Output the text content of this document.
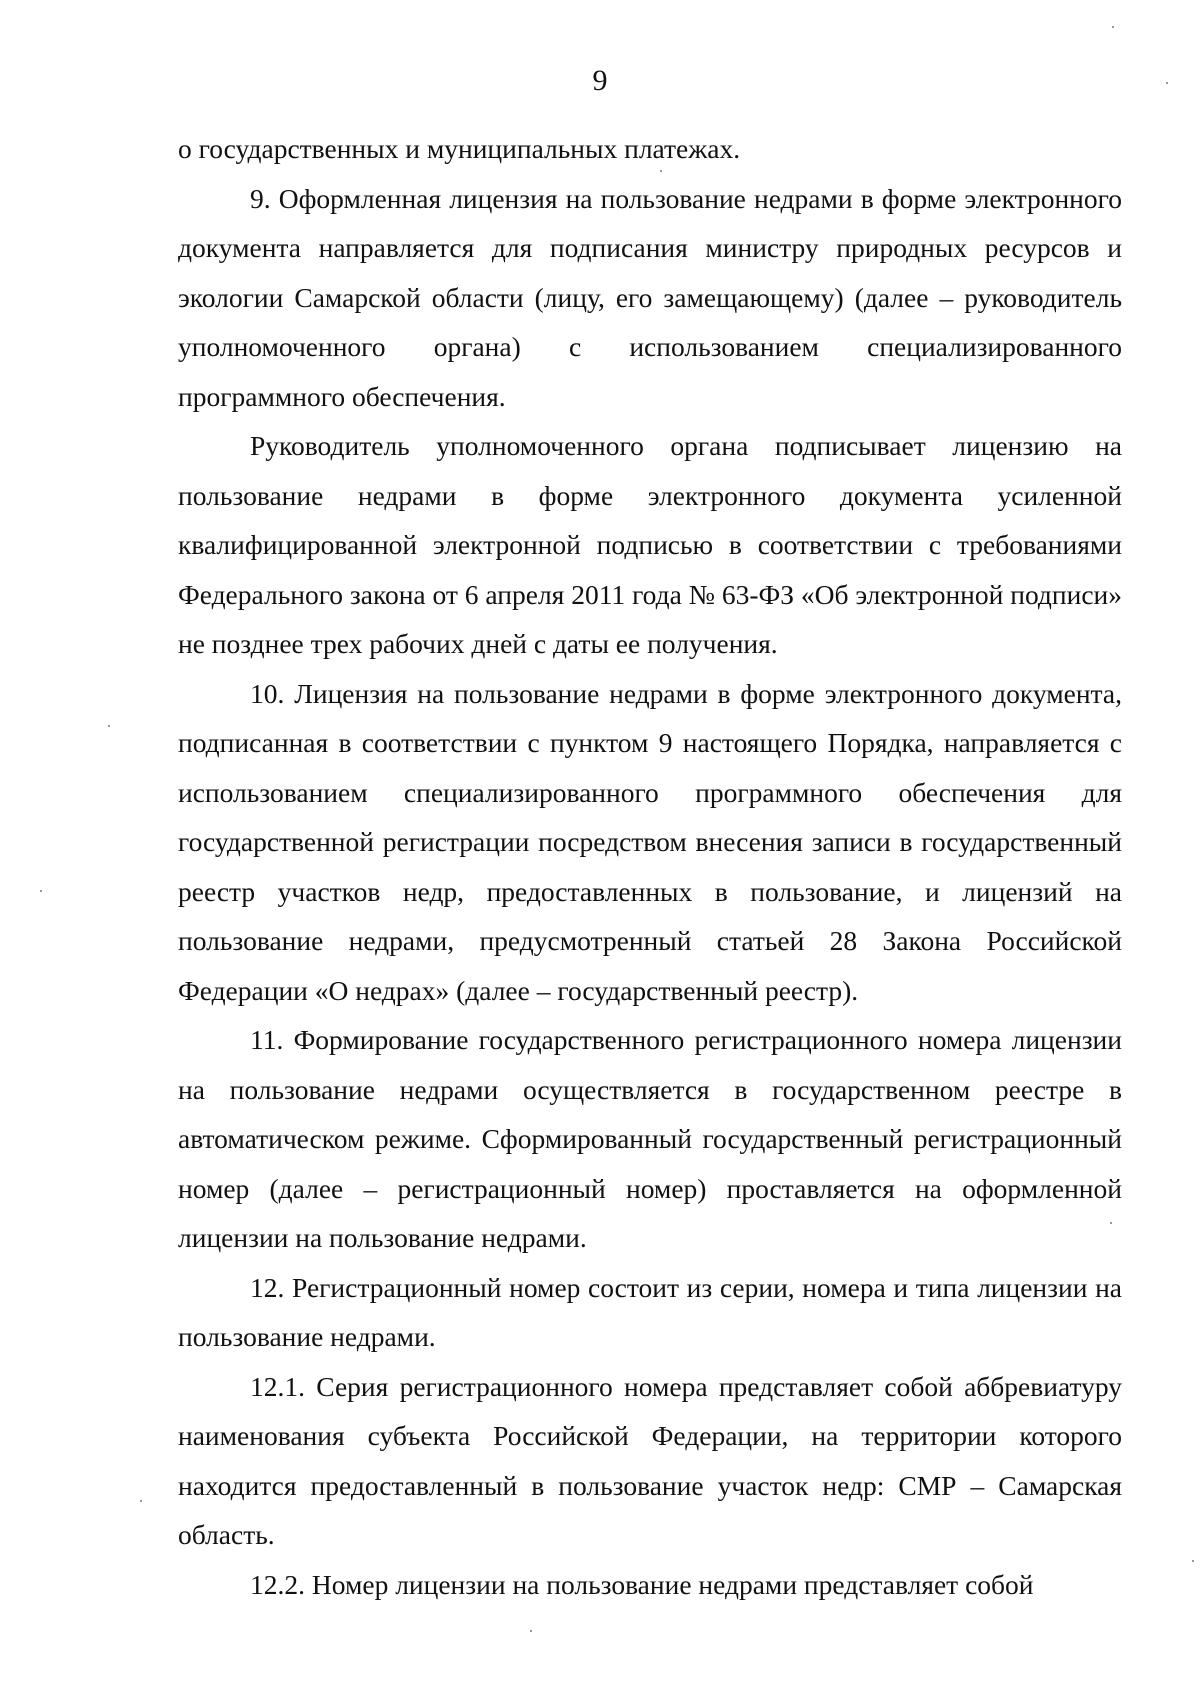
9

о государственных и муниципальных платежах.

9. Оформленная лицензия на пользование недрами в форме электронного документа направляется для подписания министру природных ресурсов и экологии Самарской области (лицу, его замещающему) (далее – руководитель уполномоченного органа) с использованием специализированного программного обеспечения.

Руководитель уполномоченного органа подписывает лицензию на пользование недрами в форме электронного документа усиленной квалифицированной электронной подписью в соответствии с требованиями Федерального закона от 6 апреля 2011 года № 63-ФЗ «Об электронной подписи» не позднее трех рабочих дней с даты ее получения.

10. Лицензия на пользование недрами в форме электронного документа, подписанная в соответствии с пунктом 9 настоящего Порядка, направляется с использованием специализированного программного обеспечения для государственной регистрации посредством внесения записи в государственный реестр участков недр, предоставленных в пользование, и лицензий на пользование недрами, предусмотренный статьей 28 Закона Российской Федерации «О недрах» (далее – государственный реестр).

11. Формирование государственного регистрационного номера лицензии на пользование недрами осуществляется в государственном реестре в автоматическом режиме. Сформированный государственный регистрационный номер (далее – регистрационный номер) проставляется на оформленной лицензии на пользование недрами.

12. Регистрационный номер состоит из серии, номера и типа лицензии на пользование недрами.

12.1. Серия регистрационного номера представляет собой аббревиатуру наименования субъекта Российской Федерации, на территории которого находится предоставленный в пользование участок недр: СМР – Самарская область.

12.2. Номер лицензии на пользование недрами представляет собой
